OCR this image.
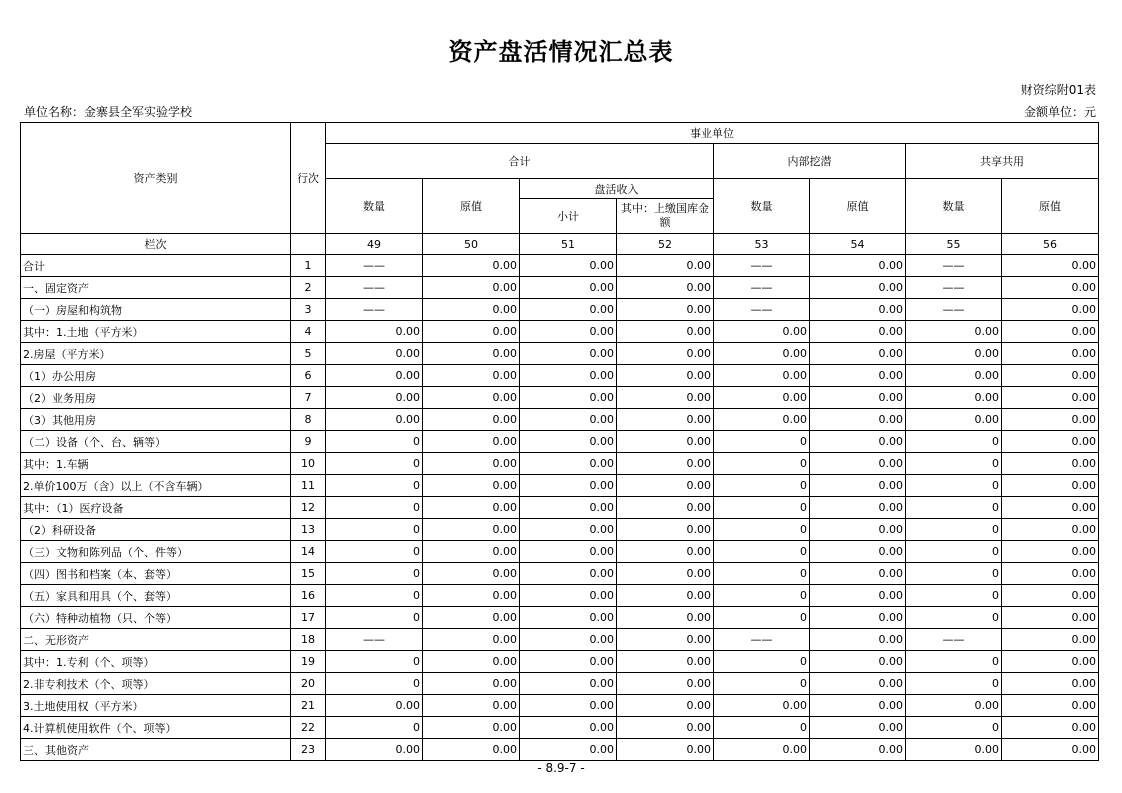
资产盘活情况汇总表
财资综附01表
单位名称：金寨县全军实验学校	金额单位：元
资产类别	行次	事业单位							
		合计				内部挖潜		共享共用	
		数量	原值	盘活收入		数量	原值	数量	原值
				小计	其中：上缴国库金额				
栏次		49	50	51	52	53	54	55	56
合计	1	——	0.00	0.00	0.00	——	0.00	——	0.00
一、固定资产	2	——	0.00	0.00	0.00	——	0.00	——	0.00
（一）房屋和构筑物	3	——	0.00	0.00	0.00	——	0.00	——	0.00
其中：1.土地（平方米）	4	0.00	0.00	0.00	0.00	0.00	0.00	0.00	0.00
2.房屋（平方米）	5	0.00	0.00	0.00	0.00	0.00	0.00	0.00	0.00
（1）办公用房	6	0.00	0.00	0.00	0.00	0.00	0.00	0.00	0.00
（2）业务用房	7	0.00	0.00	0.00	0.00	0.00	0.00	0.00	0.00
（3）其他用房	8	0.00	0.00	0.00	0.00	0.00	0.00	0.00	0.00
（二）设备（个、台、辆等）	9	0	0.00	0.00	0.00	0	0.00	0	0.00
其中：1.车辆	10	0	0.00	0.00	0.00	0	0.00	0	0.00
2.单价100万（含）以上（不含车辆）	11	0	0.00	0.00	0.00	0	0.00	0	0.00
其中：（1）医疗设备	12	0	0.00	0.00	0.00	0	0.00	0	0.00
（2）科研设备	13	0	0.00	0.00	0.00	0	0.00	0	0.00
（三）文物和陈列品（个、件等）	14	0	0.00	0.00	0.00	0	0.00	0	0.00
（四）图书和档案（本、套等）	15	0	0.00	0.00	0.00	0	0.00	0	0.00
（五）家具和用具（个、套等）	16	0	0.00	0.00	0.00	0	0.00	0	0.00
（六）特种动植物（只、个等）	17	0	0.00	0.00	0.00	0	0.00	0	0.00
二、无形资产	18	——	0.00	0.00	0.00	——	0.00	——	0.00
其中：1.专利（个、项等）	19	0	0.00	0.00	0.00	0	0.00	0	0.00
2.非专利技术（个、项等）	20	0	0.00	0.00	0.00	0	0.00	0	0.00
3.土地使用权（平方米）	21	0.00	0.00	0.00	0.00	0.00	0.00	0.00	0.00
4.计算机使用软件（个、项等）	22	0	0.00	0.00	0.00	0	0.00	0	0.00
三、其他资产	23	0.00	0.00	0.00	0.00	0.00	0.00	0.00	0.00
- 8.9-7 -
